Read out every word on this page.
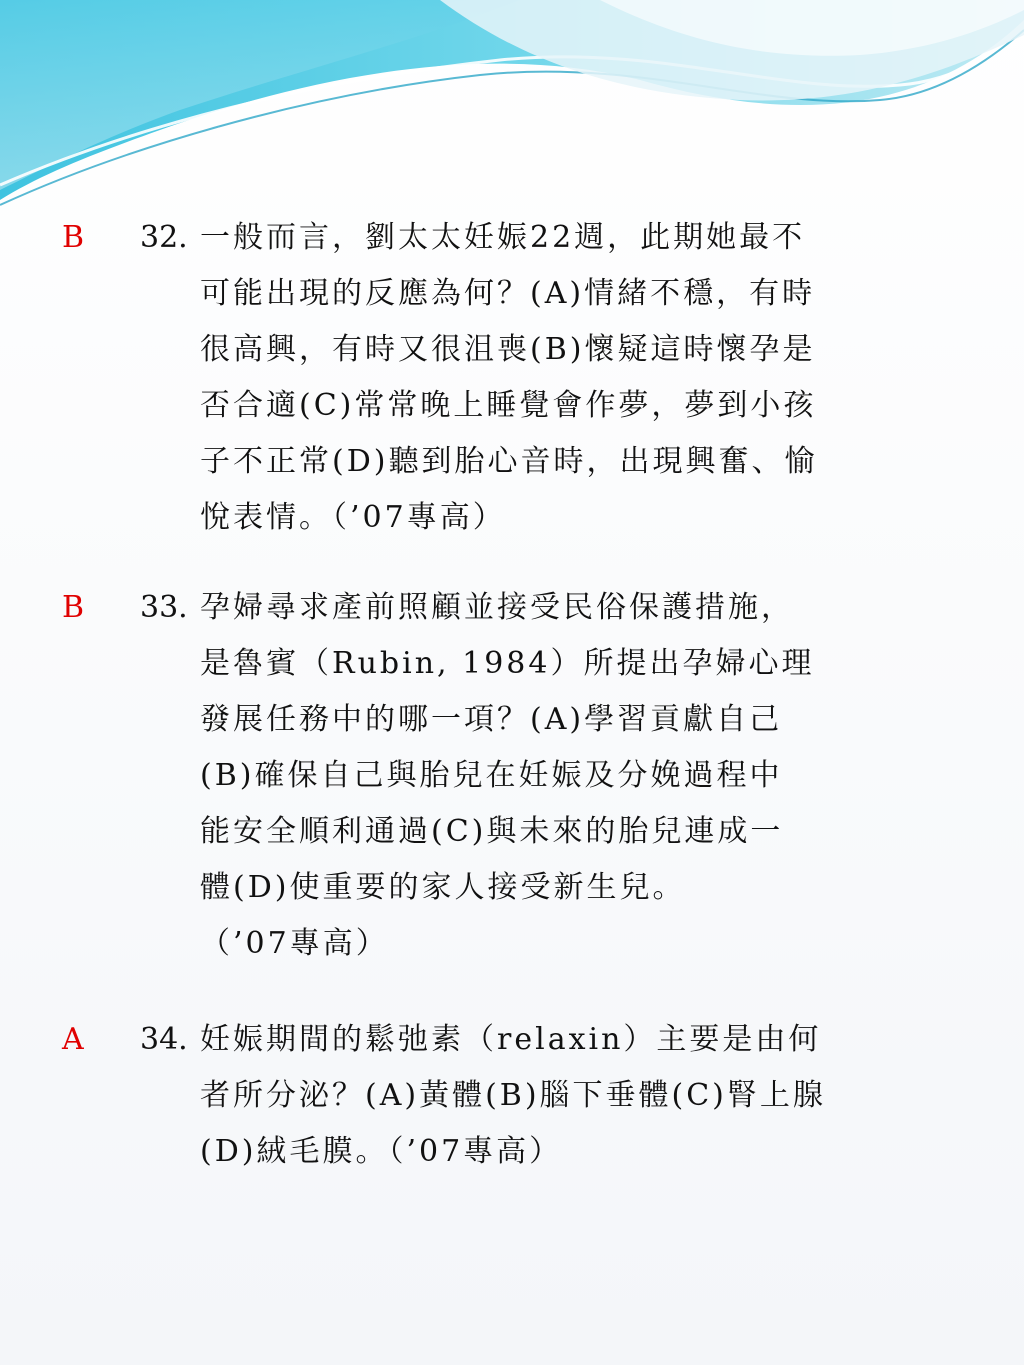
B	32. 一般而言，劉太太妊娠22週，此期她最不
可能出現的反應為何？(A)情緒不穩，有時
很高興，有時又很沮喪(B)懷疑這時懷孕是
否合適(C)常常晚上睡覺會作夢，夢到小孩
子不正常(D)聽到胎心音時，出現興奮、愉
悅表情。（’07專高）
B	33. 孕婦尋求產前照顧並接受民俗保護措施，
是魯賓（Rubin, 1984）所提出孕婦心理
發展任務中的哪一項？(A)學習貢獻自己
(B)確保自己與胎兒在妊娠及分娩過程中
能安全順利通過(C)與未來的胎兒連成一
體(D)使重要的家人接受新生兒。
（’07專高）
A	34. 妊娠期間的鬆弛素（relaxin）主要是由何
者所分泌？(A)黃體(B)腦下垂體(C)腎上腺
(D)絨毛膜。（’07專高）
